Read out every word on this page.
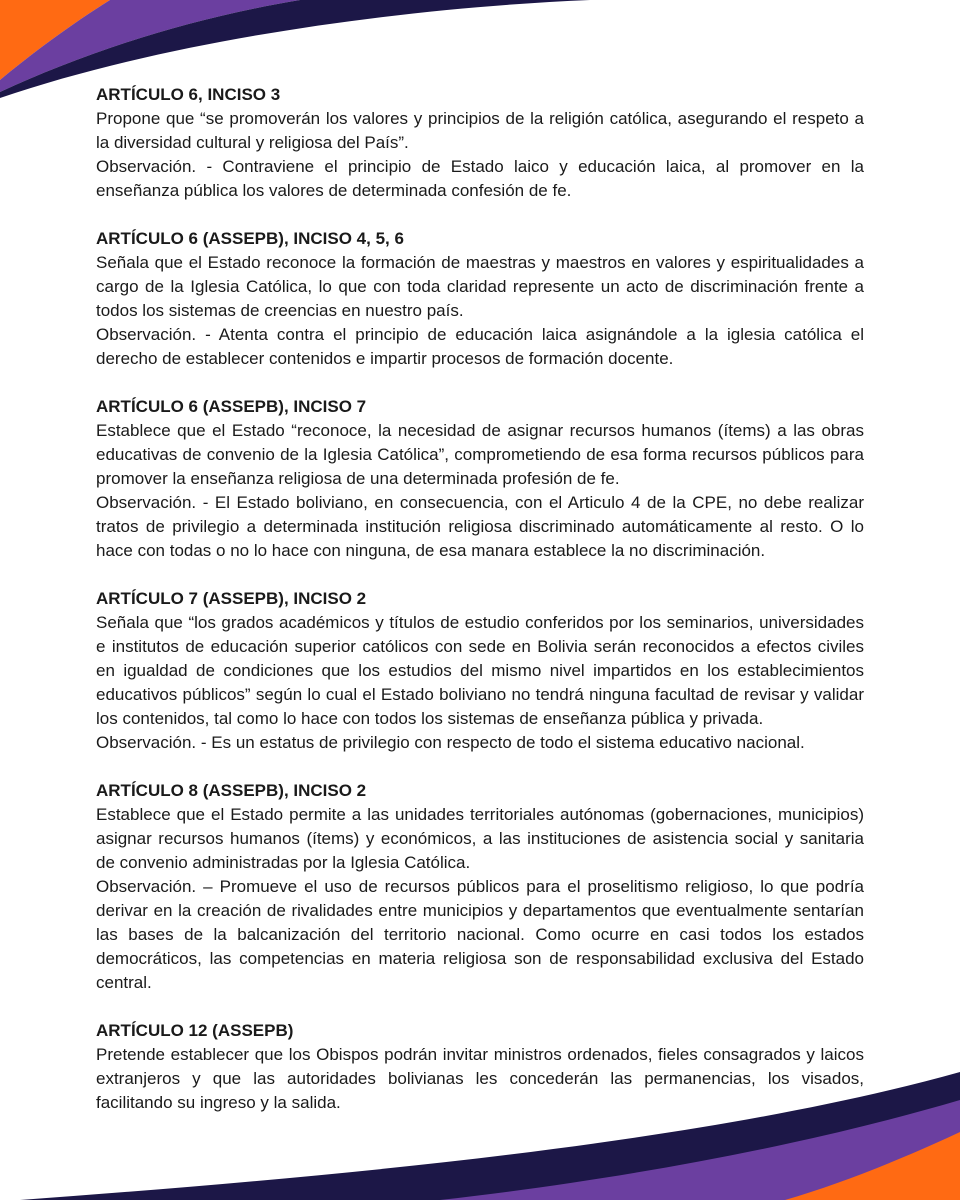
ARTÍCULO 6, INCISO 3

Propone que “se promoverán los valores y principios de la religión católica, asegurando el respeto a la diversidad cultural y religiosa del País”.

Observación. - Contraviene el principio de Estado laico y educación laica, al promover en la enseñanza pública los valores de determinada confesión de fe.

ARTÍCULO 6 (ASSEPB), INCISO 4, 5, 6

Señala que el Estado reconoce la formación de maestras y maestros en valores y espiritualidades a cargo de la Iglesia Católica, lo que con toda claridad represente un acto de discriminación frente a todos los sistemas de creencias en nuestro país.

Observación. - Atenta contra el principio de educación laica asignándole a la iglesia católica el derecho de establecer contenidos e impartir procesos de formación docente.

ARTÍCULO 6 (ASSEPB), INCISO 7

Establece que el Estado “reconoce, la necesidad de asignar recursos humanos (ítems) a las obras educativas de convenio de la Iglesia Católica”, comprometiendo de esa forma recursos públicos para promover la enseñanza religiosa de una determinada profesión de fe.

Observación. - El Estado boliviano, en consecuencia, con el Articulo 4 de la CPE, no debe realizar tratos de privilegio a determinada institución religiosa discriminado automáticamente al resto. O lo hace con todas o no lo hace con ninguna, de esa manara establece la no discriminación.

ARTÍCULO 7 (ASSEPB), INCISO 2

Señala que “los grados académicos y títulos de estudio conferidos por los seminarios, universidades e institutos de educación superior católicos con sede en Bolivia serán reconocidos a efectos civiles en igualdad de condiciones que los estudios del mismo nivel impartidos en los establecimientos educativos públicos” según lo cual el Estado boliviano no tendrá ninguna facultad de revisar y validar los contenidos, tal como lo hace con todos los sistemas de enseñanza pública y privada.

Observación. - Es un estatus de privilegio con respecto de todo el sistema educativo nacional.

ARTÍCULO 8 (ASSEPB), INCISO 2

Establece que el Estado permite a las unidades territoriales autónomas (gobernaciones, municipios) asignar recursos humanos (ítems) y económicos, a las instituciones de asistencia social y sanitaria de convenio administradas por la Iglesia Católica.

Observación. – Promueve el uso de recursos públicos para el proselitismo religioso, lo que podría derivar en la creación de rivalidades entre municipios y departamentos que eventualmente sentarían las bases de la balcanización del territorio nacional. Como ocurre en casi todos los estados democráticos, las competencias en materia religiosa son de responsabilidad exclusiva del Estado central.

ARTÍCULO 12 (ASSEPB)

Pretende establecer que los Obispos podrán invitar ministros ordenados, fieles consagrados y laicos extranjeros y que las autoridades bolivianas les concederán las permanencias, los visados, facilitando su ingreso y la salida.
